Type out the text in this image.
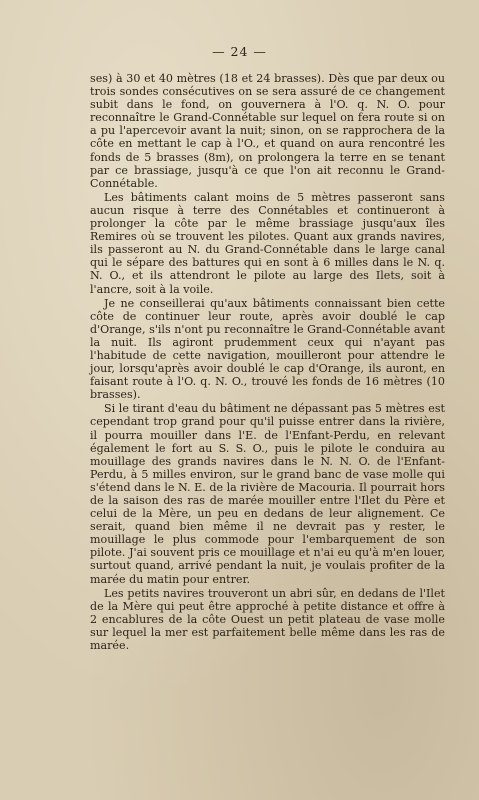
— 24 —

ses) à 30 et 40 mètres (18 et 24 brasses). Dès que par deux ou trois sondes consécutives on se sera assuré de ce changement subit dans le fond, on gouvernera à l'O. q. N. O. pour reconnaître le Grand-Connétable sur lequel on fera route si on a pu l'apercevoir avant la nuit; sinon, on se rapprochera de la côte en mettant le cap à l'O., et quand on aura rencontré les fonds de 5 brasses (8m), on prolongera la terre en se tenant par ce brassiage, jusqu'à ce que l'on ait reconnu le Grand-Connétable.

Les bâtiments calant moins de 5 mètres passeront sans aucun risque à terre des Connétables et continueront à prolonger la côte par le même brassiage jusqu'aux îles Remires où se trouvent les pilotes. Quant aux grands navires, ils passeront au N. du Grand-Connétable dans le large canal qui le sépare des battures qui en sont à 6 milles dans le N. q. N. O., et ils attendront le pilote au large des Ilets, soit à l'ancre, soit à la voile.

Je ne conseillerai qu'aux bâtiments connaissant bien cette côte de continuer leur route, après avoir doublé le cap d'Orange, s'ils n'ont pu reconnaître le Grand-Connétable avant la nuit. Ils agiront prudemment ceux qui n'ayant pas l'habitude de cette navigation, mouilleront pour attendre le jour, lorsqu'après avoir doublé le cap d'Orange, ils auront, en faisant route à l'O. q. N. O., trouvé les fonds de 16 mètres (10 brasses).

Si le tirant d'eau du bâtiment ne dépassant pas 5 mètres est cependant trop grand pour qu'il puisse entrer dans la rivière, il pourra mouiller dans l'E. de l'Enfant-Perdu, en relevant également le fort au S. S. O., puis le pilote le conduira au mouillage des grands navires dans le N. N. O. de l'Enfant-Perdu, à 5 milles environ, sur le grand banc de vase molle qui s'étend dans le N. E. de la rivière de Macouria. Il pourrait hors de la saison des ras de marée mouiller entre l'Ilet du Père et celui de la Mère, un peu en dedans de leur alignement. Ce serait, quand bien même il ne devrait pas y rester, le mouillage le plus commode pour l'embarquement de son pilote. J'ai souvent pris ce mouillage et n'ai eu qu'à m'en louer, surtout quand, arrivé pendant la nuit, je voulais profiter de la marée du matin pour entrer.

Les petits navires trouveront un abri sûr, en dedans de l'Ilet de la Mère qui peut être approché à petite distance et offre à 2 encablures de la côte Ouest un petit plateau de vase molle sur lequel la mer est parfaitement belle même dans les ras de marée.
